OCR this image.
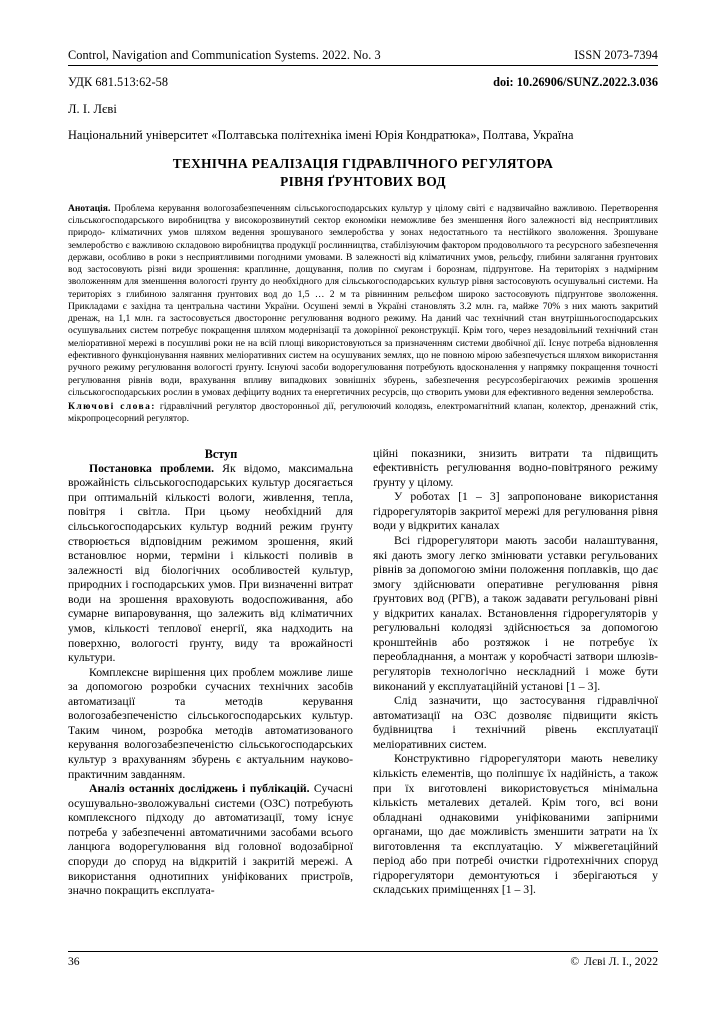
Control, Navigation and Communication Systems. 2022. No. 3	ISSN 2073-7394
УДК 681.513:62-58	doi: 10.26906/SUNZ.2022.3.036
Л. І. Лєві
Національний університет «Полтавська політехніка імені Юрія Кондратюка», Полтава, Україна
ТЕХНІЧНА РЕАЛІЗАЦІЯ ГІДРАВЛІЧНОГО РЕГУЛЯТОРА
РІВНЯ ҐРУНТОВИХ ВОД
Анотація. Проблема керування вологозабезпеченням сільськогосподарських культур у цілому світі є надзвичайно важливою. Перетворення сільськогосподарського виробництва у високорозвинутий сектор економіки неможливе без зменшення його залежності від несприятливих природо- кліматичних умов шляхом ведення зрошуваного землеробства у зонах недостатнього та нестійкого зволоження. Зрошуване землеробство є важливою складовою виробництва продукції рослинництва, стабілізуючим фактором продовольчого та ресурсного забезпечення держави, особливо в роки з несприятливими погодними умовами. В залежності від кліматичних умов, рельєфу, глибини залягання ґрунтових вод застосовують різні види зрошення: краплинне, дощування, полив по смугам і борознам, підґрунтове. На територіях з надмірним зволоженням для зменшення вологості ґрунту до необхідного для сільськогосподарських культур рівня застосовують осушувальні системи. На територіях з глибиною залягання ґрунтових вод до 1,5 … 2 м та рівнинним рельєфом широко застосовують підґрунтове зволоження. Прикладами є західна та центральна частини України. Осушені землі в Україні становлять 3.2 млн. га, майже 70% з них мають закритий дренаж, на 1,1 млн. га застосовується двостороннє регулювання водного режиму. На даний час технічний стан внутрішньогосподарських осушувальних систем потребує покращення шляхом модернізації та докорінної реконструкції. Крім того, через незадовільний технічний стан меліоративної мережі в посушливі роки не на всій площі використовуються за призначенням системи двобічної дії. Існує потреба відновлення ефективного функціонування наявних меліоративних систем на осушуваних землях, що не повною мірою забезпечується шляхом використання ручного режиму регулювання вологості ґрунту. Існуючі засоби водорегулювання потребують вдосконалення у напрямку покращення точності регулювання рівнів води, врахування впливу випадкових зовнішніх збурень, забезпечення ресурсозберігаючих режимів зрошення сільськогосподарських рослин в умовах дефіциту водних та енергетичних ресурсів, що створить умови для ефективного ведення землеробства.
Ключові слова: гідравлічний регулятор двосторонньої дії, регулюючий колодязь, електромагнітний клапан, колектор, дренажний стік, мікропроцесорний регулятор.

Вступ

Постановка проблеми. Як відомо, максимальна врожайність сільськогосподарських культур досягається при оптимальній кількості вологи, живлення, тепла, повітря і світла. При цьому необхідний для сільськогосподарських культур водний режим ґрунту створюється відповідним режимом зрошення, який встановлює норми, терміни і кількості поливів в залежності від біологічних особливостей культур, природних і господарських умов. При визначенні витрат води на зрошення враховують водоспоживання, або сумарне випаровування, що залежить від кліматичних умов, кількості теплової енергії, яка надходить на поверхню, вологості ґрунту, виду та врожайності культури.

Комплексне вирішення цих проблем можливе лише за допомогою розробки сучасних технічних засобів автоматизації та методів керування вологозабезпеченістю сільськогосподарських культур. Таким чином, розробка методів автоматизованого керування вологозабезпеченістю сільськогосподарських культур з врахуванням збурень є актуальним науково-практичним завданням.

Аналіз останніх досліджень і публікацій. Сучасні осушувально-зволожувальні системи (ОЗС) потребують комплексного підходу до автоматизації, тому існує потреба у забезпеченні автоматичними засобами всього ланцюга водорегулювання від головної водозабірної споруди до споруд на відкритій і закритій мережі. А використання однотипних уніфікованих пристроїв, значно покращить експлуата-

ційні показники, знизить витрати та підвищить ефективність регулювання водно-повітряного режиму ґрунту у цілому.

У роботах [1 – 3] запропоноване використання гідрорегуляторів закритої мережі для регулювання рівня води у відкритих каналах

Всі гідрорегулятори мають засоби налаштування, які дають змогу легко змінювати уставки регульованих рівнів за допомогою зміни положення поплавків, що дає змогу здійснювати оперативне регулювання рівня ґрунтових вод (РГВ), а також задавати регульовані рівні у відкритих каналах. Встановлення гідрорегуляторів у регулювальні колодязі здійснюється за допомогою кронштейнів або розтяжок і не потребує їх переобладнання, а монтаж у коробчасті затвори шлюзів-регуляторів технологічно нескладний і може бути виконаний у експлуатаційній установі [1 – 3].

Слід зазначити, що застосування гідравлічної автоматизації на ОЗС дозволяє підвищити якість будівництва і технічний рівень експлуатації меліоративних систем.

Конструктивно гідрорегулятори мають невелику кількість елементів, що поліпшує їх надійність, а також при їх виготовлені використовується мінімальна кількість металевих деталей. Крім того, всі вони обладнані однаковими уніфікованими запірними органами, що дає можливість зменшити затрати на їх виготовлення та експлуатацію. У міжвегетаційний період або при потребі очистки гідротехнічних споруд гідрорегулятори демонтуються і зберігаються у складських приміщеннях [1 – 3].

36	© Лєві Л. І., 2022
